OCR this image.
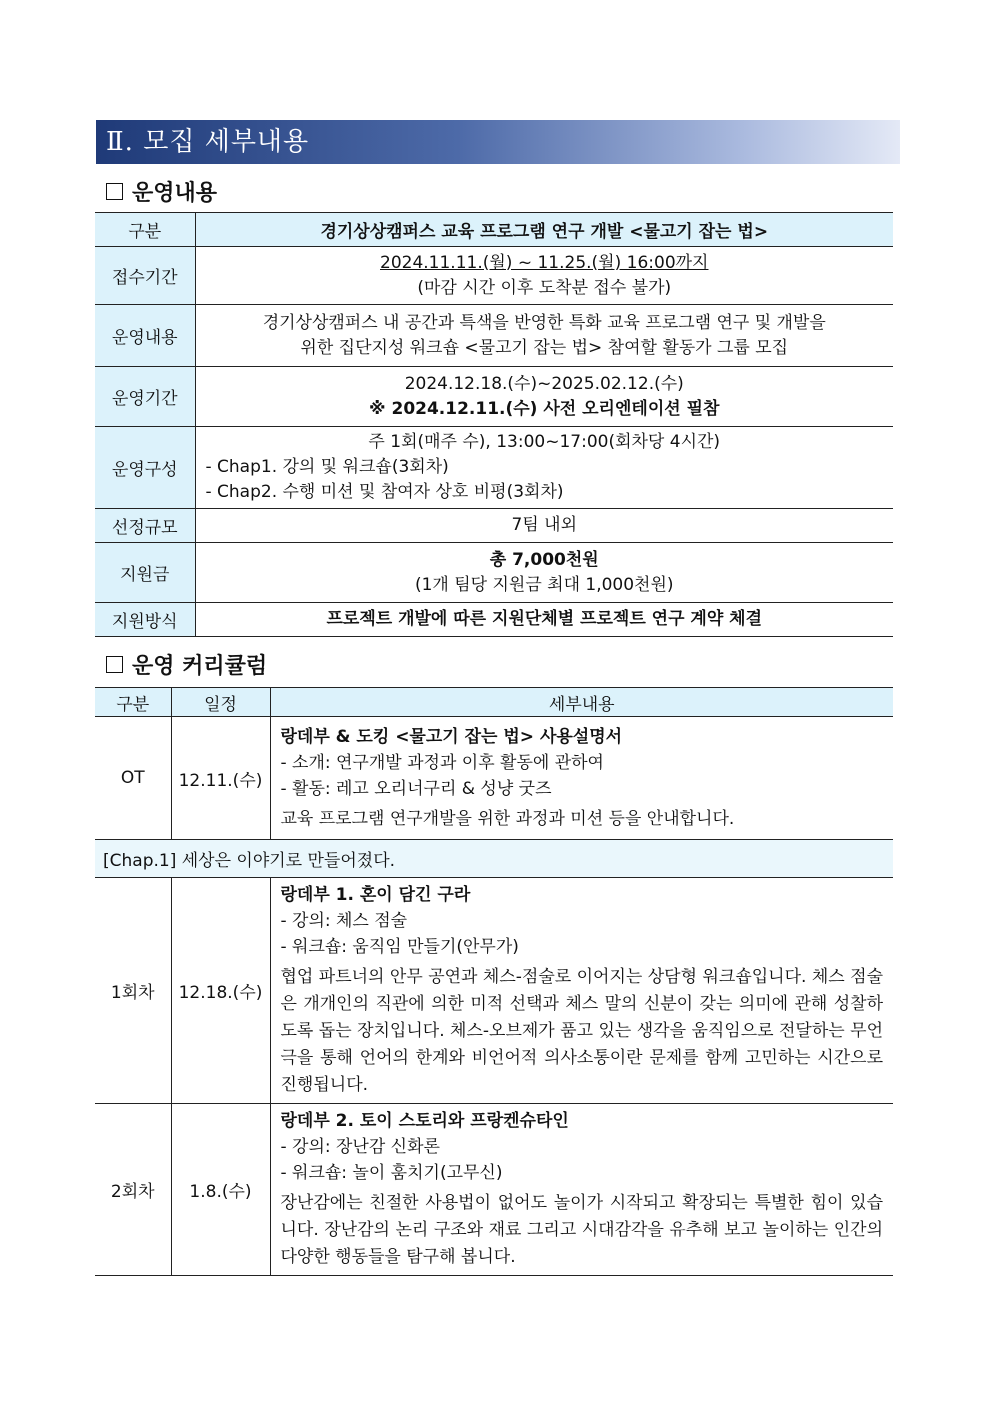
Ⅱ. 모집 세부내용
운영내용
구분	경기상상캠퍼스 교육 프로그램 연구 개발 <물고기 잡는 법>
접수기간	2024.11.11.(월) ~ 11.25.(월) 16:00까지
(마감 시간 이후 도착분 접수 불가)

운영내용	경기상상캠퍼스 내 공간과 특색을 반영한 특화 교육 프로그램 연구 및 개발을
위한 집단지성 워크숍 <물고기 잡는 법> 참여할 활동가 그룹 모집

운영기간	2024.12.18.(수)~2025.02.12.(수)
※ 2024.12.11.(수) 사전 오리엔테이션 필참

운영구성	주 1회(매주 수), 13:00~17:00(회차당 4시간)
- Chap1. 강의 및 워크숍(3회차)
- Chap2. 수행 미션 및 참여자 상호 비평(3회차)

선정규모	7팀 내외

지원금	총 7,000천원
(1개 팀당 지원금 최대 1,000천원)

지원방식	프로젝트 개발에 따른 지원단체별 프로젝트 연구 계약 체결
운영 커리큘럼
구분	일정	세부내용
OT	12.11.(수)	랑데부 & 도킹 <물고기 잡는 법> 사용설명서
- 소개: 연구개발 과정과 이후 활동에 관하여
- 활동: 레고 오리너구리 & 성냥 굿즈
교육 프로그램 연구개발을 위한 과정과 미션 등을 안내합니다.

[Chap.1] 세상은 이야기로 만들어졌다.		
1회차	12.18.(수)	랑데부 1. 혼이 담긴 구라
- 강의: 체스 점술
- 워크숍: 움직임 만들기(안무가)
협업 파트너의 안무 공연과 체스-점술로 이어지는 상담형 워크숍입니다. 체스 점술은 개개인의 직관에 의한 미적 선택과 체스 말의 신분이 갖는 의미에 관해 성찰하도록 돕는 장치입니다. 체스-오브제가 품고 있는 생각을 움직임으로 전달하는 무언극을 통해 언어의 한계와 비언어적 의사소통이란 문제를 함께 고민하는 시간으로 진행됩니다.

2회차	1.8.(수)	랑데부 2. 토이 스토리와 프랑켄슈타인
- 강의: 장난감 신화론
- 워크숍: 놀이 훔치기(고무신)
장난감에는 친절한 사용법이 없어도 놀이가 시작되고 확장되는 특별한 힘이 있습니다. 장난감의 논리 구조와 재료 그리고 시대감각을 유추해 보고 놀이하는 인간의 다양한 행동들을 탐구해 봅니다.
